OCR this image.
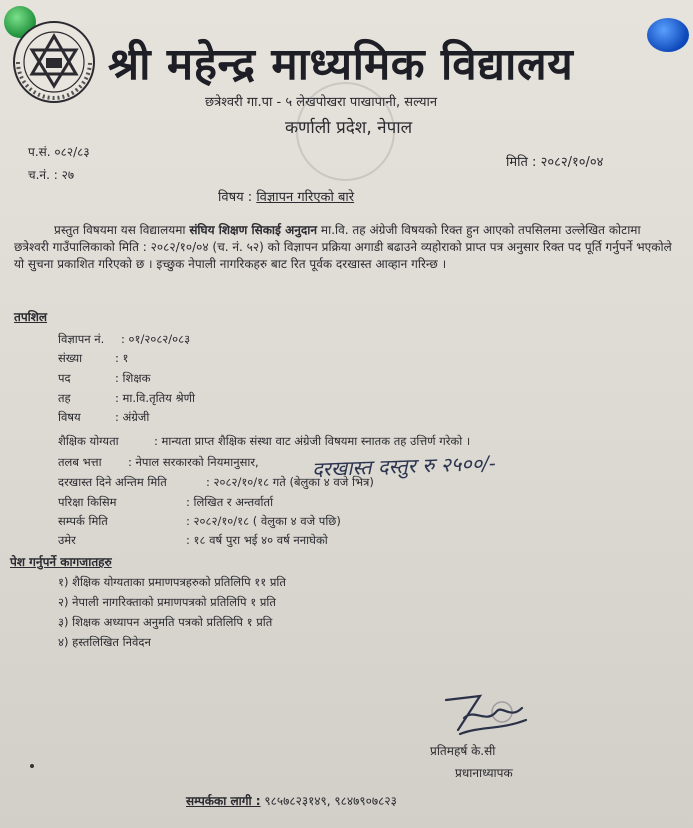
श्री महेन्द्र माध्यमिक विद्यालय
छत्रेश्वरी गा.पा - ५ लेखपोखरा पाखापानी, सल्यान
कर्णाली प्रदेश, नेपाल
प.सं. ०८२/८३
च.नं. : २७
मिति : २०८२/१०/०४
विषय : विज्ञापन गरिएको बारे
प्रस्तुत विषयमा यस विद्यालयमा संघिय शिक्षण सिकाई अनुदान मा.वि. तह अंग्रेजी विषयको रिक्त हुन आएको तपसिलमा उल्लेखित कोटामा छत्रेश्वरी गाउँपालिकाको मिति : २०८२/१०/०४ (च. नं. ५२) को विज्ञापन प्रक्रिया अगाडी बढाउने व्यहोराको प्राप्त पत्र अनुसार रिक्त पद पूर्ति गर्नुपर्ने भएकोले यो सुचना प्रकाशित गरिएको छ । इच्छुक नेपाली नागरिकहरु बाट रित पूर्वक दरखास्त आव्हान गरिन्छ ।
तपशिल
विज्ञापन नं. : ०१/२०८२/०८३
संख्या	: १
पद	: शिक्षक
तह	: मा.वि.तृतिय श्रेणी
विषय	: अंग्रेजी
शैक्षिक योग्यता	: मान्यता प्राप्त शैक्षिक संस्था वाट अंग्रेजी विषयमा स्नातक तह उत्तिर्ण गरेको ।
तलब भत्ता : नेपाल सरकारको नियमानुसार,	दरखास्त दस्तुर रु २५००/-
दरखास्त दिने अन्तिम मिति	: २०८२/१०/१८ गते (बेलुका ४ वजे भित्र)
परिक्षा किसिम	: लिखित र अन्तर्वार्ता
सम्पर्क मिति	: २०८२/१०/१८ ( वेलुका ४ वजे पछि)
उमेर	: १८ वर्ष पुरा भई ४० वर्ष ननाघेको
पेश गर्नुपर्ने कागजातहरु
१) शैक्षिक योग्यताका प्रमाणपत्रहरुको प्रतिलिपि ११ प्रति
२) नेपाली नागरिक्ताको प्रमाणपत्रको प्रतिलिपि १ प्रति
३) शिक्षक अध्यापन अनुमति पत्रको प्रतिलिपि १ प्रति
४) हस्तलिखित निवेदन
प्रतिमहर्ष के.सी
प्रधानाध्यापक
सम्पर्कका लागी : ९८५७८२३१४९, ९८४७९०७८२३
